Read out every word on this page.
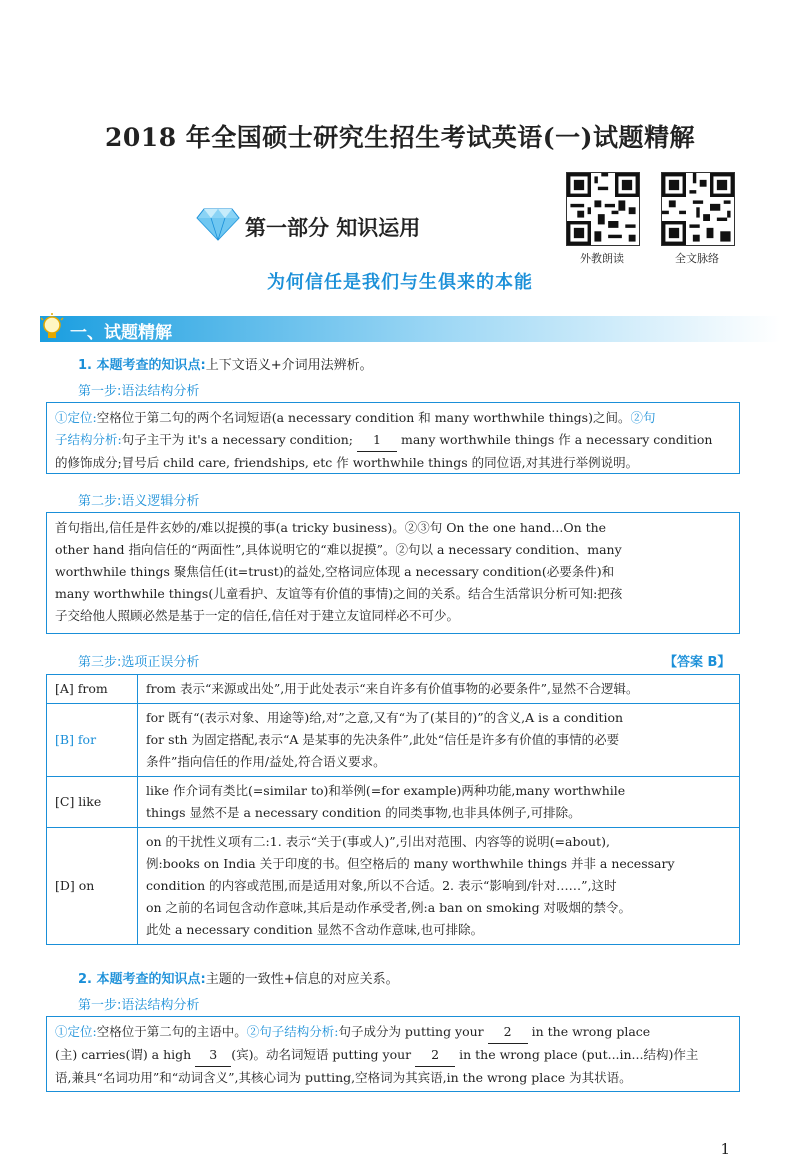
2018 年全国硕士研究生招生考试英语(一)试题精解
外教朗读	全文脉络
第一部分 知识运用
为何信任是我们与生俱来的本能
一、试题精解
1. 本题考查的知识点:上下文语义+介词用法辨析。
第一步:语法结构分析
①定位:空格位于第二句的两个名词短语(a necessary condition 和 many worthwhile things)之间。②句
子结构分析:句子主干为 it's a necessary condition; 1 many worthwhile things 作 a necessary condition
的修饰成分;冒号后 child care, friendships, etc 作 worthwhile things 的同位语,对其进行举例说明。
第二步:语义逻辑分析
首句指出,信任是件玄妙的/难以捉摸的事(a tricky business)。②③句 On the one hand...On the
other hand 指向信任的“两面性”,具体说明它的“难以捉摸”。②句以 a necessary condition、many
worthwhile things 聚焦信任(it=trust)的益处,空格词应体现 a necessary condition(必要条件)和
many worthwhile things(儿童看护、友谊等有价值的事情)之间的关系。结合生活常识分析可知:把孩
子交给他人照顾必然是基于一定的信任,信任对于建立友谊同样必不可少。
第三步:选项正误分析	【答案 B】
[A] from	from 表示“来源或出处”,用于此处表示“来自许多有价值事物的必要条件”,显然不合逻辑。

[B] for	for 既有“(表示对象、用途等)给,对”之意,又有“为了(某目的)”的含义,A is a condition
for sth 为固定搭配,表示“A 是某事的先决条件”,此处“信任是许多有价值的事情的必要
条件”指向信任的作用/益处,符合语义要求。

[C] like	like 作介词有类比(=similar to)和举例(=for example)两种功能,many worthwhile
things 显然不是 a necessary condition 的同类事物,也非具体例子,可排除。

[D] on	on 的干扰性义项有二:1. 表示“关于(事或人)”,引出对范围、内容等的说明(=about),
例:books on India 关于印度的书。但空格后的 many worthwhile things 并非 a necessary
condition 的内容或范围,而是适用对象,所以不合适。2. 表示“影响到/针对……”,这时
on 之前的名词包含动作意味,其后是动作承受者,例:a ban on smoking 对吸烟的禁令。
此处 a necessary condition 显然不含动作意味,也可排除。
2. 本题考查的知识点:主题的一致性+信息的对应关系。
第一步:语法结构分析
①定位:空格位于第二句的主语中。②句子结构分析:句子成分为 putting your 2 in the wrong place
(主) carries(谓) a high 3 (宾)。动名词短语 putting your 2 in the wrong place (put...in...结构)作主
语,兼具“名词功用”和“动词含义”,其核心词为 putting,空格词为其宾语,in the wrong place 为其状语。
1
